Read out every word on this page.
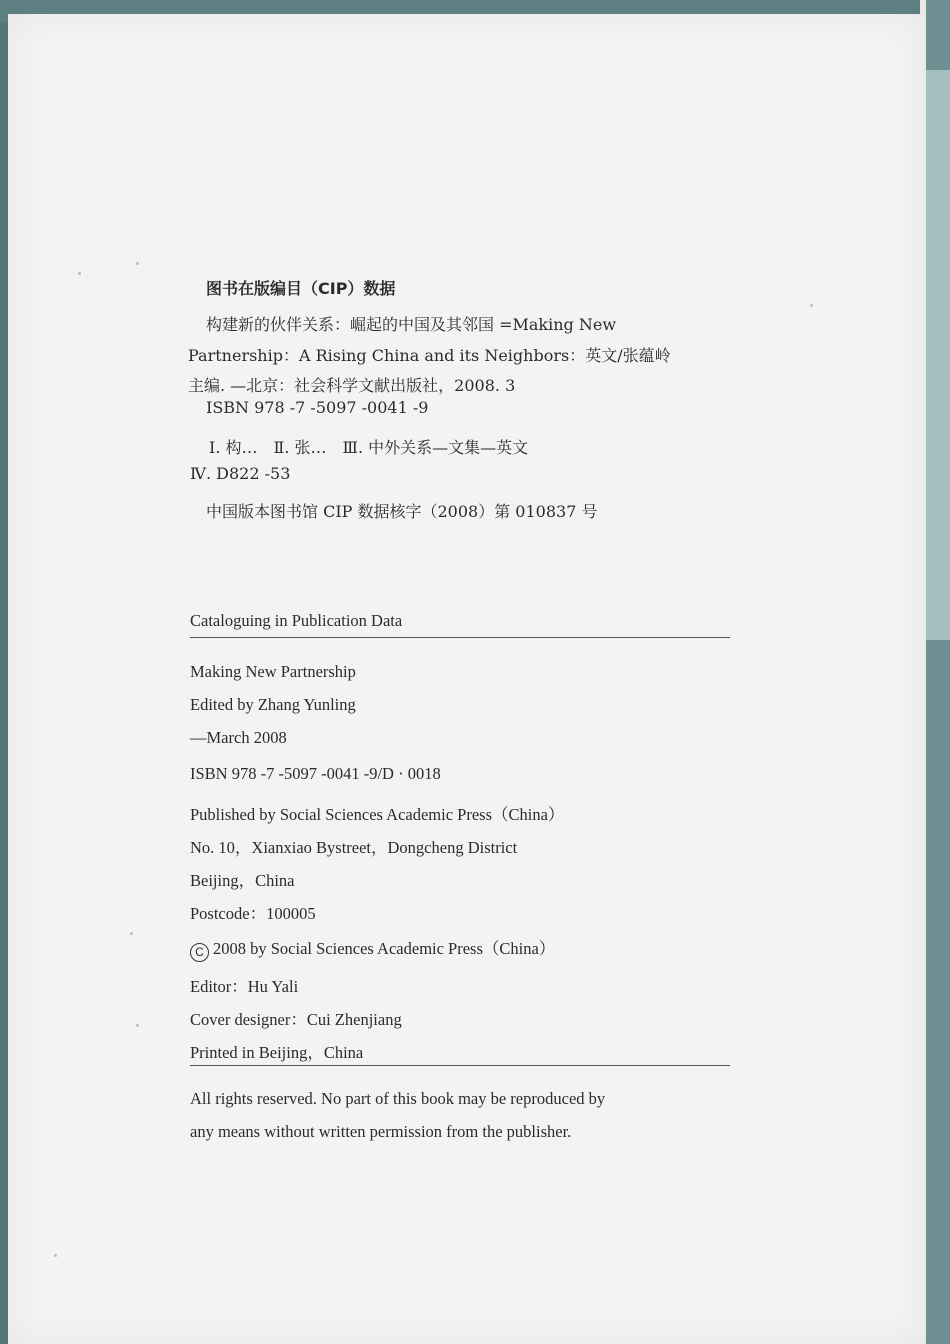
图书在版编目（CIP）数据
构建新的伙伴关系：崛起的中国及其邻国 =Making New
Partnership：A Rising China and its Neighbors：英文/张蕴岭
主编. —北京：社会科学文献出版社，2008. 3
ISBN 978 -7 -5097 -0041 -9
Ⅰ. 构…　Ⅱ. 张…　Ⅲ. 中外关系—文集—英文
Ⅳ. D822 -53
中国版本图书馆 CIP 数据核字（2008）第 010837 号
Cataloguing in Publication Data
Making New Partnership
Edited by Zhang Yunling
—March 2008
ISBN 978 -7 -5097 -0041 -9/D · 0018
Published by Social Sciences Academic Press（China）
No. 10，Xianxiao Bystreet，Dongcheng District
Beijing，China
Postcode：100005
C 2008 by Social Sciences Academic Press（China）
Editor：Hu Yali
Cover designer：Cui Zhenjiang
Printed in Beijing，China
All rights reserved. No part of this book may be reproduced by
any means without written permission from the publisher.
